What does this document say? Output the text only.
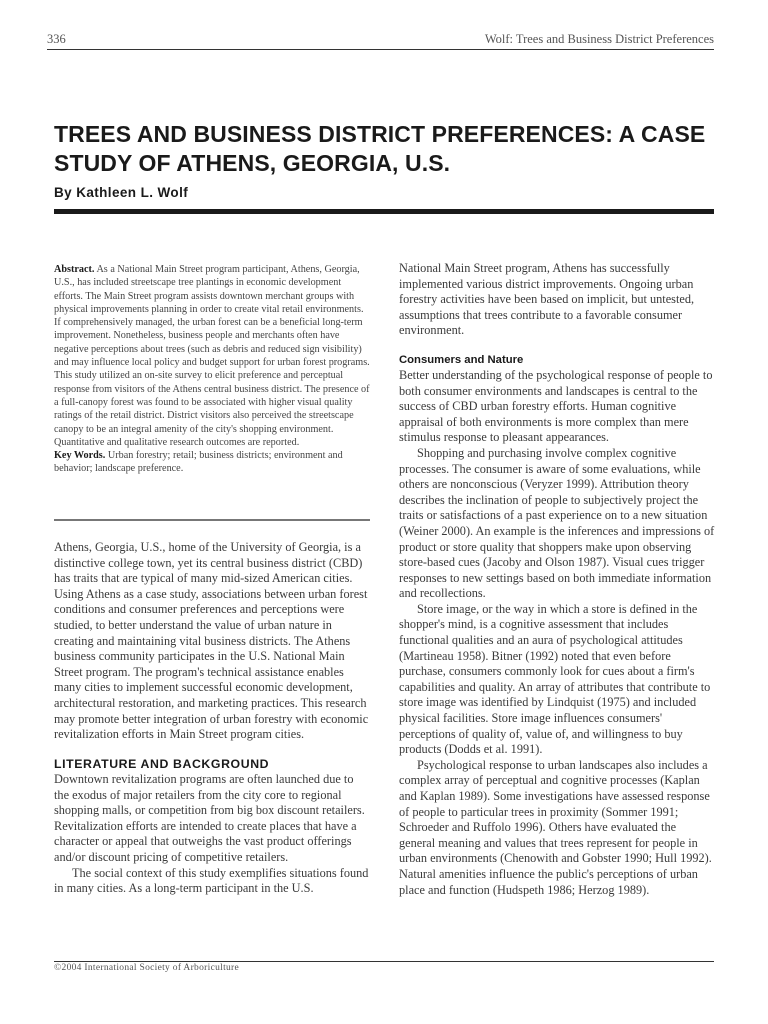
336	Wolf: Trees and Business District Preferences
TREES AND BUSINESS DISTRICT PREFERENCES: A CASE STUDY OF ATHENS, GEORGIA, U.S.
By Kathleen L. Wolf
Abstract. As a National Main Street program participant, Athens, Georgia, U.S., has included streetscape tree plantings in economic development efforts. The Main Street program assists downtown merchant groups with physical improvements planning in order to create vital retail environments. If comprehensively managed, the urban forest can be a beneficial long-term improvement. Nonetheless, business people and merchants often have negative perceptions about trees (such as debris and reduced sign visibility) and may influence local policy and budget support for urban forest programs. This study utilized an on-site survey to elicit preference and perceptual response from visitors of the Athens central business district. The presence of a full-canopy forest was found to be associated with higher visual quality ratings of the retail district. District visitors also perceived the streetscape canopy to be an integral amenity of the city's shopping environment. Quantitative and qualitative research outcomes are reported.
Key Words. Urban forestry; retail; business districts; environment and behavior; landscape preference.

Athens, Georgia, U.S., home of the University of Georgia, is a distinctive college town, yet its central business district (CBD) has traits that are typical of many mid-sized American cities. Using Athens as a case study, associations between urban forest conditions and consumer preferences and perceptions were studied, to better understand the value of urban nature in creating and maintaining vital business districts. The Athens business community participates in the U.S. National Main Street program. The program's technical assistance enables many cities to implement successful economic development, architectural restoration, and marketing practices. This research may promote better integration of urban forestry with economic revitalization efforts in Main Street program cities.

LITERATURE AND BACKGROUND

Downtown revitalization programs are often launched due to the exodus of major retailers from the city core to regional shopping malls, or competition from big box discount retailers. Revitalization efforts are intended to create places that have a character or appeal that outweighs the vast product offerings and/or discount pricing of competitive retailers.

The social context of this study exemplifies situations found in many cities. As a long-term participant in the U.S.

National Main Street program, Athens has successfully implemented various district improvements. Ongoing urban forestry activities have been based on implicit, but untested, assumptions that trees contribute to a favorable consumer environment.

Consumers and Nature

Better understanding of the psychological response of people to both consumer environments and landscapes is central to the success of CBD urban forestry efforts. Human cognitive appraisal of both environments is more complex than mere stimulus response to pleasant appearances.

Shopping and purchasing involve complex cognitive processes. The consumer is aware of some evaluations, while others are nonconscious (Veryzer 1999). Attribution theory describes the inclination of people to subjectively project the traits or satisfactions of a past experience on to a new situation (Weiner 2000). An example is the inferences and impressions of product or store quality that shoppers make upon observing store-based cues (Jacoby and Olson 1987). Visual cues trigger responses to new settings based on both immediate information and recollections.

Store image, or the way in which a store is defined in the shopper's mind, is a cognitive assessment that includes functional qualities and an aura of psychological attitudes (Martineau 1958). Bitner (1992) noted that even before purchase, consumers commonly look for cues about a firm's capabilities and quality. An array of attributes that contribute to store image was identified by Lindquist (1975) and included physical facilities. Store image influences consumers' perceptions of quality of, value of, and willingness to buy products (Dodds et al. 1991).

Psychological response to urban landscapes also includes a complex array of perceptual and cognitive processes (Kaplan and Kaplan 1989). Some investigations have assessed response of people to particular trees in proximity (Sommer 1991; Schroeder and Ruffolo 1996). Others have evaluated the general meaning and values that trees represent for people in urban environments (Chenowith and Gobster 1990; Hull 1992). Natural amenities influence the public's perceptions of urban place and function (Hudspeth 1986; Herzog 1989).

©2004 International Society of Arboriculture
